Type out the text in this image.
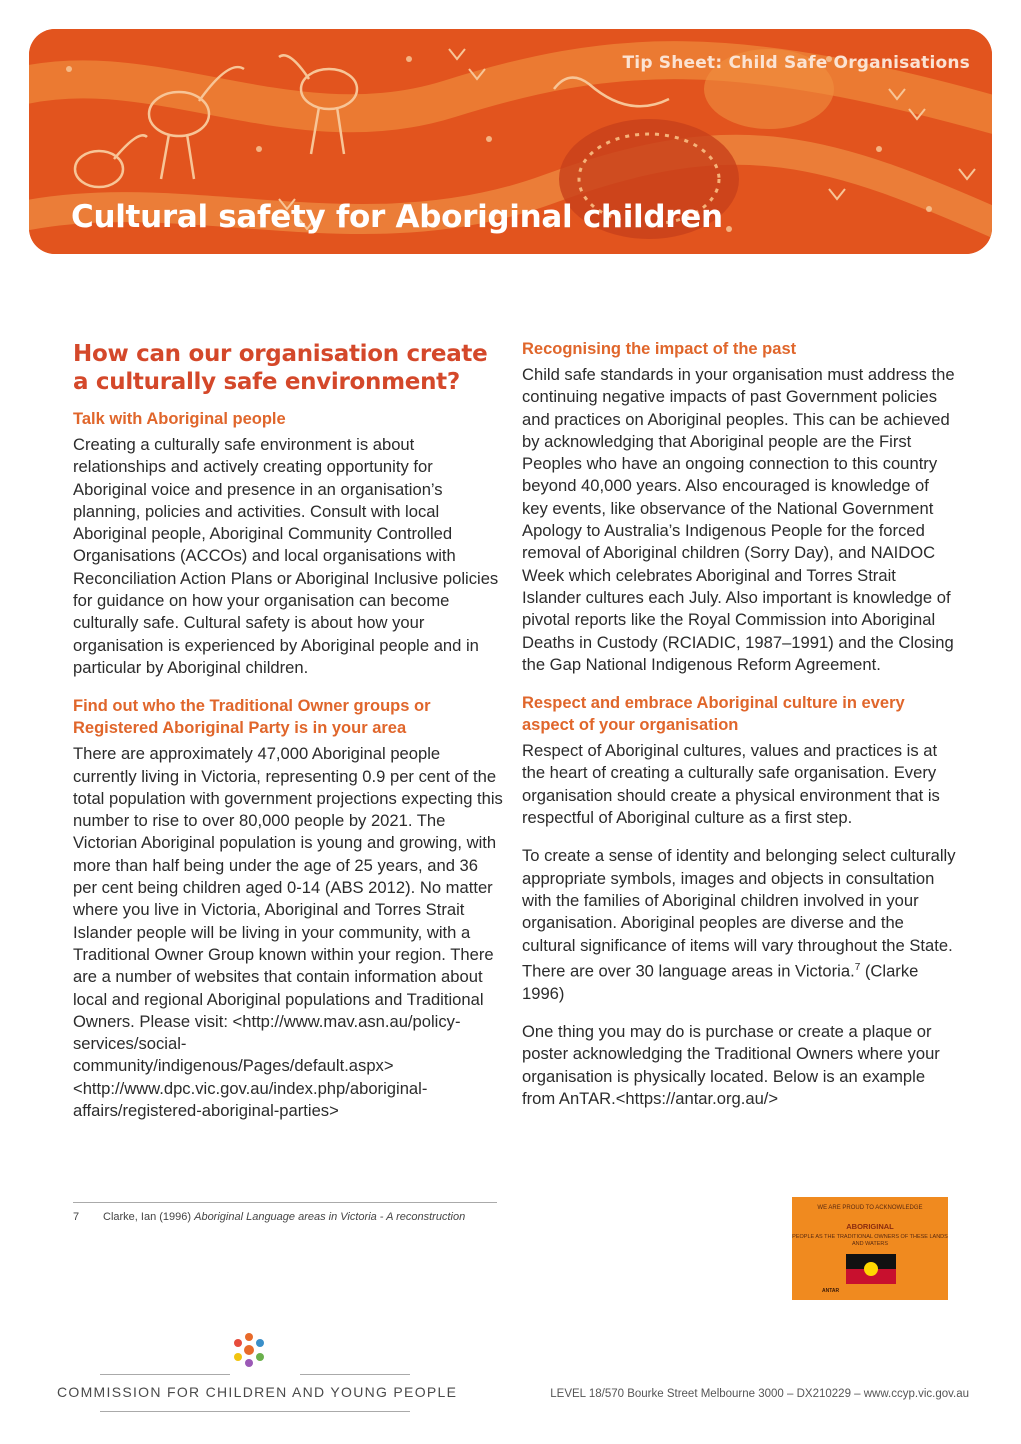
Tip Sheet: Child Safe Organisations
Cultural safety for Aboriginal children
How can our organisation create a culturally safe environment?
Talk with Aboriginal people

Creating a culturally safe environment is about relationships and actively creating opportunity for Aboriginal voice and presence in an organisation’s planning, policies and activities. Consult with local Aboriginal people, Aboriginal Community Controlled Organisations (ACCOs) and local organisations with Reconciliation Action Plans or Aboriginal Inclusive policies for guidance on how your organisation can become culturally safe. Cultural safety is about how your organisation is experienced by Aboriginal people and in particular by Aboriginal children.

Find out who the Traditional Owner groups or Registered Aboriginal Party is in your area

There are approximately 47,000 Aboriginal people currently living in Victoria, representing 0.9 per cent of the total population with government projections expecting this number to rise to over 80,000 people by 2021. The Victorian Aboriginal population is young and growing, with more than half being under the age of 25 years, and 36 per cent being children aged 0-14 (ABS 2012). No matter where you live in Victoria, Aboriginal and Torres Strait Islander people will be living in your community, with a Traditional Owner Group known within your region. There are a number of websites that contain information about local and regional Aboriginal populations and Traditional Owners. Please visit: <http://www.mav.asn.au/policy-services/social-community/indigenous/Pages/default.aspx> <http://www.dpc.vic.gov.au/index.php/aboriginal-affairs/registered-aboriginal-parties>

Recognising the impact of the past

Child safe standards in your organisation must address the continuing negative impacts of past Government policies and practices on Aboriginal peoples. This can be achieved by acknowledging that Aboriginal people are the First Peoples who have an ongoing connection to this country beyond 40,000 years. Also encouraged is knowledge of key events, like observance of the National Government Apology to Australia’s Indigenous People for the forced removal of Aboriginal children (Sorry Day), and NAIDOC Week which celebrates Aboriginal and Torres Strait Islander cultures each July. Also important is knowledge of pivotal reports like the Royal Commission into Aboriginal Deaths in Custody (RCIADIC, 1987–1991) and the Closing the Gap National Indigenous Reform Agreement.

Respect and embrace Aboriginal culture in every aspect of your organisation

Respect of Aboriginal cultures, values and practices is at the heart of creating a culturally safe organisation. Every organisation should create a physical environment that is respectful of Aboriginal culture as a first step.

To create a sense of identity and belonging select culturally appropriate symbols, images and objects in consultation with the families of Aboriginal children involved in your organisation. Aboriginal peoples are diverse and the cultural significance of items will vary throughout the State. There are over 30 language areas in Victoria.$^7$ (Clarke 1996)

One thing you may do is purchase or create a plaque or poster acknowledging the Traditional Owners where your organisation is physically located. Below is an example from AnTAR.<https://antar.org.au/>

7 Clarke, Ian (1996) Aboriginal Language areas in Victoria - A reconstruction
WE ARE PROUD TO ACKNOWLEDGE
ABORIGINAL
PEOPLE AS THE TRADITIONAL OWNERS OF THESE LANDS AND WATERS
ANTAR
COMMISSION FOR CHILDREN AND YOUNG PEOPLE	LEVEL 18/570 Bourke Street Melbourne 3000 – DX210229 – www.ccyp.vic.gov.au
